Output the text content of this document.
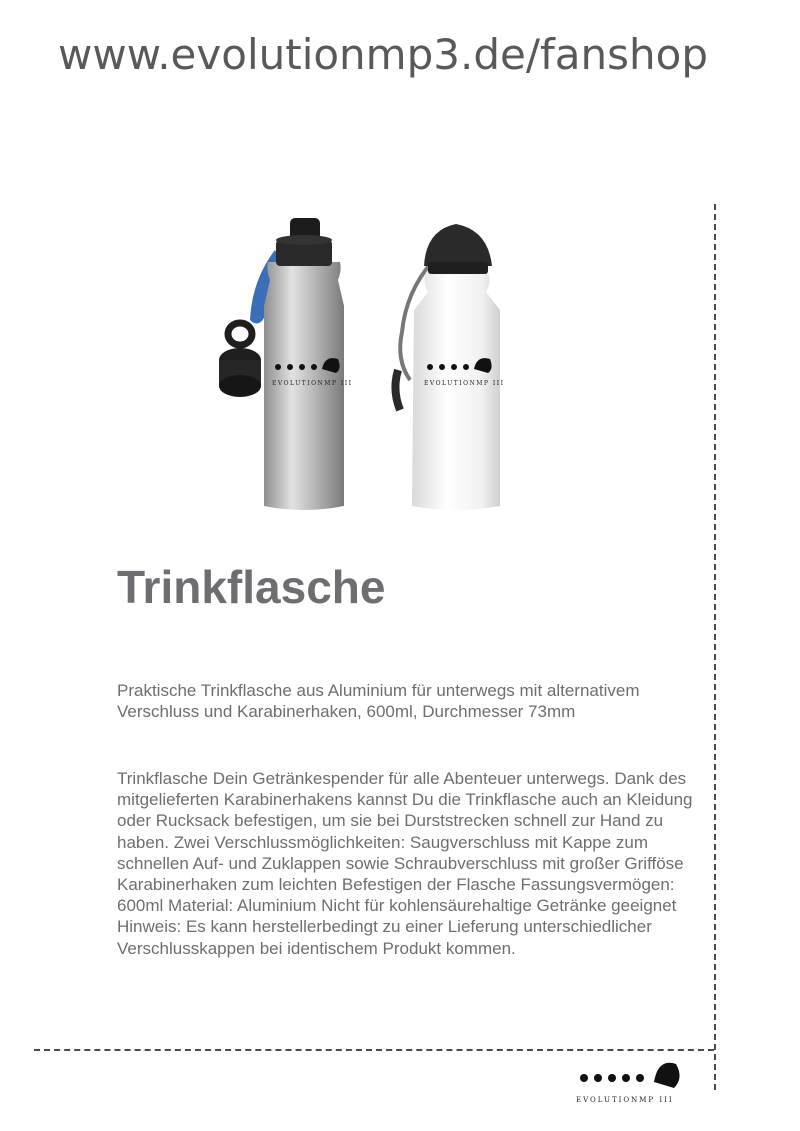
www.evolutionmp3.de/fanshop
EVOLUTIONMP III	EVOLUTIONMP III
Trinkflasche
Praktische Trinkflasche aus Aluminium für unterwegs mit alternativem Verschluss und Karabinerhaken, 600ml, Durchmesser 73mm
Trinkflasche Dein Getränkespender für alle Abenteuer unterwegs. Dank des mitgelieferten Karabinerhakens kannst Du die Trinkflasche auch an Kleidung oder Rucksack befestigen, um sie bei Durststrecken schnell zur Hand zu haben. Zwei Verschlussmöglichkeiten: Saugverschluss mit Kappe zum schnellen Auf- und Zuklappen sowie Schraubverschluss mit großer Grifföse Karabinerhaken zum leichten Befestigen der Flasche Fassungsvermögen: 600ml Material: Aluminium Nicht für kohlensäurehaltige Getränke geeignet Hinweis: Es kann herstellerbedingt zu einer Lieferung unterschiedlicher Verschlusskappen bei identischem Produkt kommen.
EVOLUTIONMP III
